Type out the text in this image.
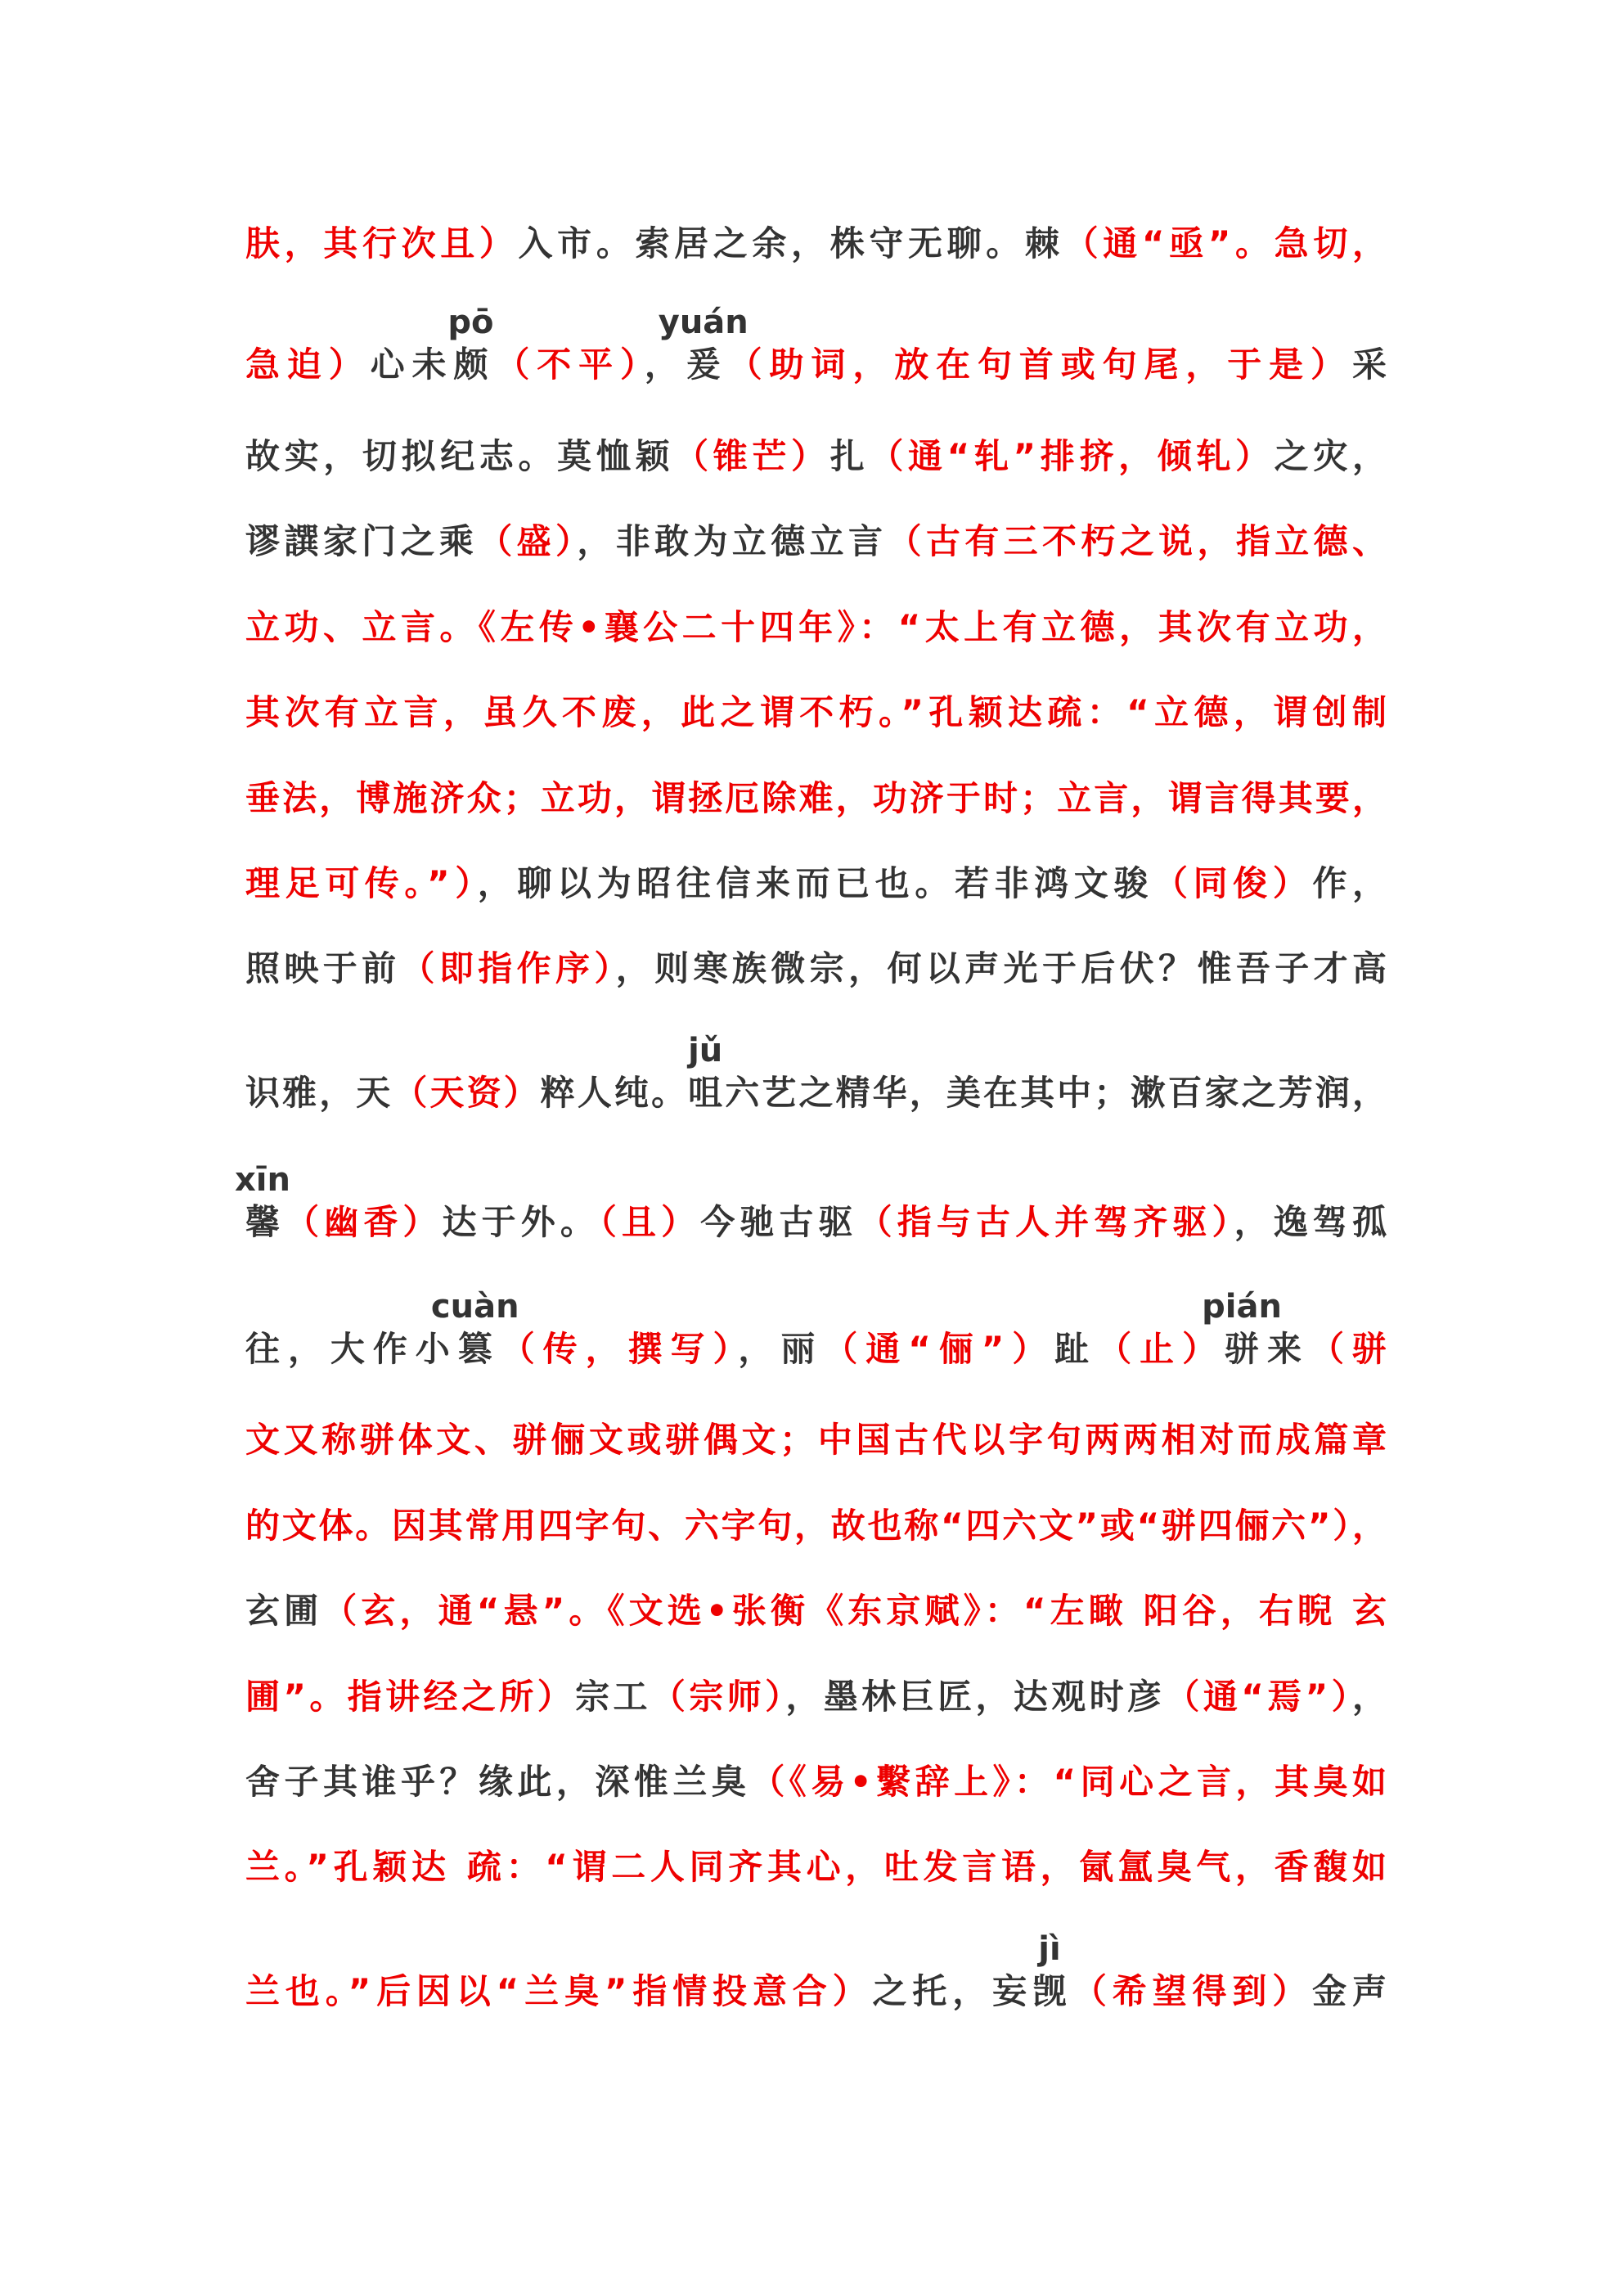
肤，其行次且）入市。索居之余，株守无聊。棘（通“亟”。急切，
急迫）心未颇
pō
（不平），爰
yuán
（助词，放在句首或句尾，于是）采
故实，切拟纪志。莫恤颖（锥芒）扎（通“轧”排挤，倾轧）之灾，
谬譔家门之乘（盛），非敢为立德立言（古有三不朽之说，指立德、
立功、立言。《左传•襄公二十四年》：“太上有立德，其次有立功，
其次有立言，虽久不废，此之谓不朽。”孔颖达疏：“立德，谓创制
垂法，博施济众；立功，谓拯厄除难，功济于时；立言，谓言得其要，
理足可传。”），聊以为昭往信来而已也。若非鸿文骏（同俊）作，
照映于前（即指作序），则寒族微宗，何以声光于后伏？惟吾子才高
识雅，天（天资）粹人纯。咀
jǔ
六艺之精华，美在其中；漱百家之芳润，
馨
xīn
（幽香）达于外。（且）今驰古驱（指与古人并驾齐驱），逸驾孤
往，大作小篡
cuàn
（传，撰写），丽（通“俪”）趾（止）骈
pián
来（骈
文又称骈体文、骈俪文或骈偶文；中国古代以字句两两相对而成篇章
的文体。因其常用四字句、六字句，故也称“四六文”或“骈四俪六”），
玄圃（玄，通“悬”。《文选•张衡《东京赋》：“左瞰 阳谷，右睨 玄
圃”。指讲经之所）宗工（宗师），墨林巨匠，达观时彦（通“焉”），
舍子其谁乎？缘此，深惟兰臭（《易•繫辞上》：“同心之言，其臭如
兰。”孔颖达 疏：“谓二人同齐其心，吐发言语，氤氲臭气，香馥如
兰也。”后因以“兰臭”指情投意合）之托，妄觊
jì
（希望得到）金声
